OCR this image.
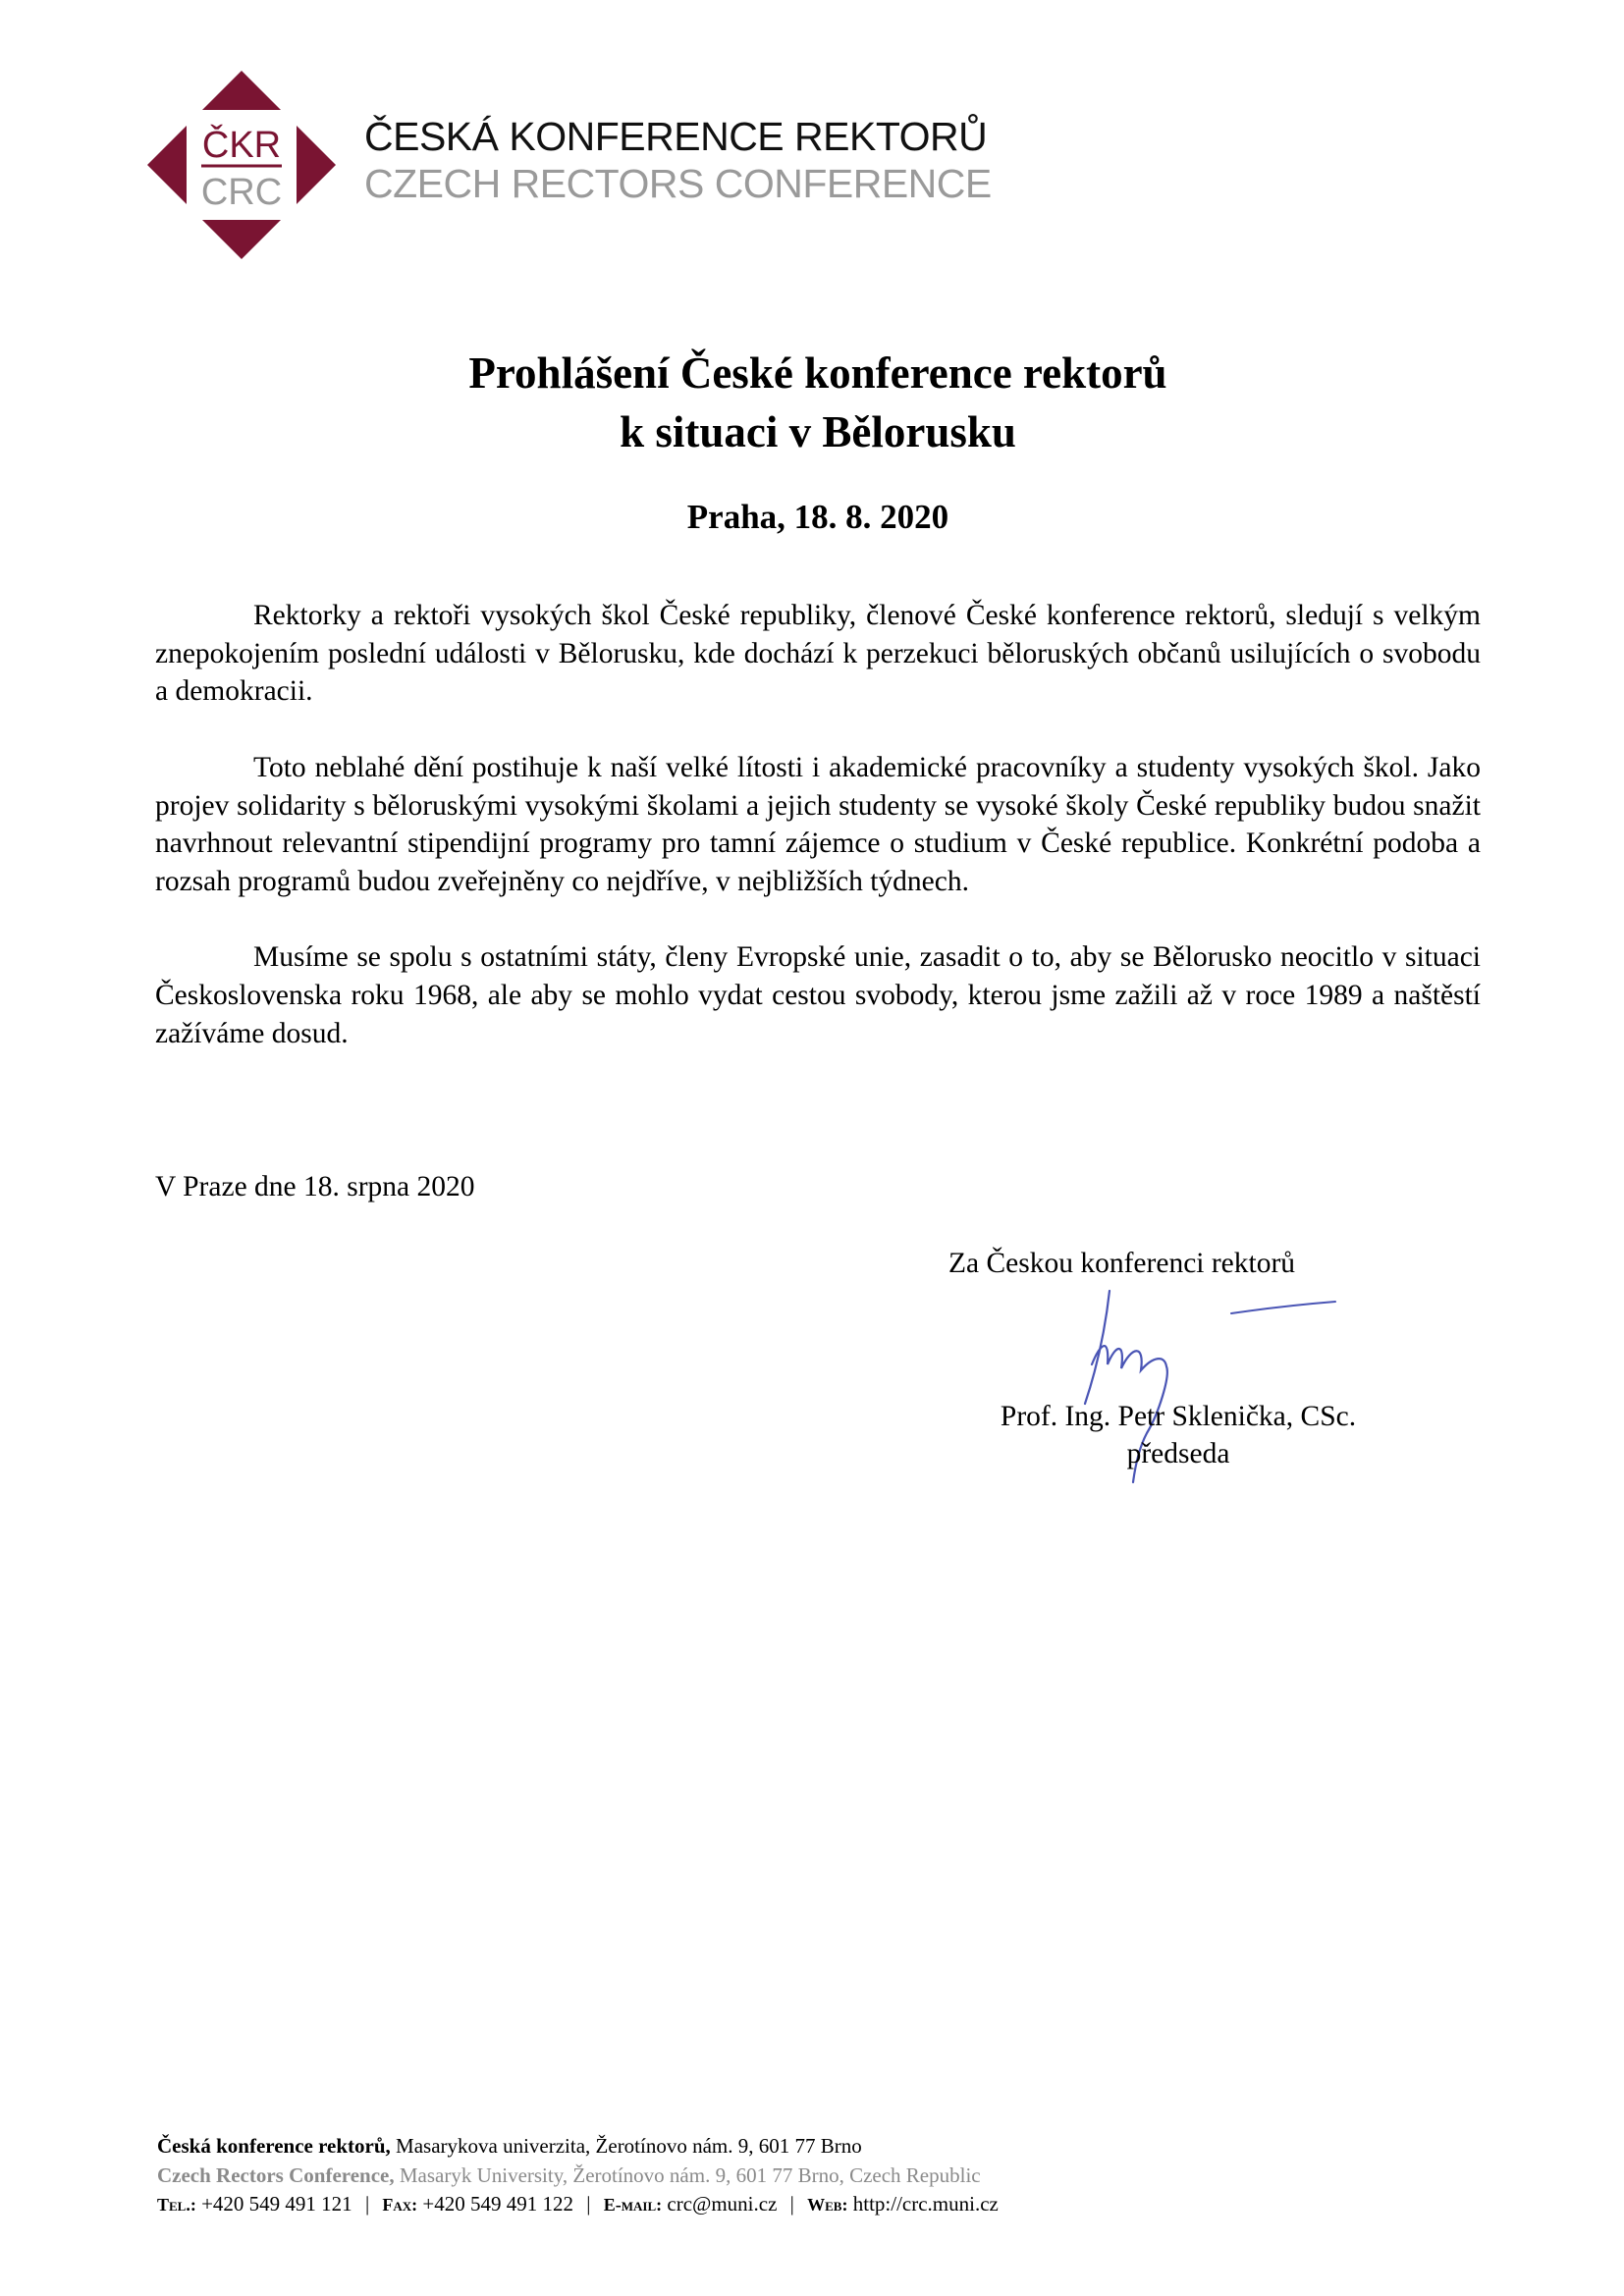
ČKR
CRC
ČESKÁ KONFERENCE REKTORŮ
CZECH RECTORS CONFERENCE
Prohlášení České konference rektorů
k situaci v Bělorusku
Praha, 18. 8. 2020

Rektorky a rektoři vysokých škol České republiky, členové České konference rektorů, sledují s velkým znepokojením poslední události v Bělorusku, kde dochází k perzekuci běloruských občanů usilujících o svobodu a demokracii.

Toto neblahé dění postihuje k naší velké lítosti i akademické pracovníky a studenty vysokých škol. Jako projev solidarity s běloruskými vysokými školami a jejich studenty se vysoké školy České republiky budou snažit navrhnout relevantní stipendijní programy pro tamní zájemce o studium v České republice. Konkrétní podoba a rozsah programů budou zveřejněny co nejdříve, v nejbližších týdnech.

Musíme se spolu s ostatními státy, členy Evropské unie, zasadit o to, aby se Bělorusko neocitlo v situaci Československa roku 1968, ale aby se mohlo vydat cestou svobody, kterou jsme zažili až v roce 1989 a naštěstí zažíváme dosud.

V Praze dne 18. srpna 2020
Za Českou konferenci rektorů
Prof. Ing. Petr Sklenička, CSc.
předseda
Česká konference rektorů, Masarykova univerzita, Žerotínovo nám. 9, 601 77 Brno
Czech Rectors Conference, Masaryk University, Žerotínovo nám. 9, 601 77 Brno, Czech Republic
Tel.: +420 549 491 121 | Fax: +420 549 491 122 | E-mail: crc@muni.cz | Web: http://crc.muni.cz
